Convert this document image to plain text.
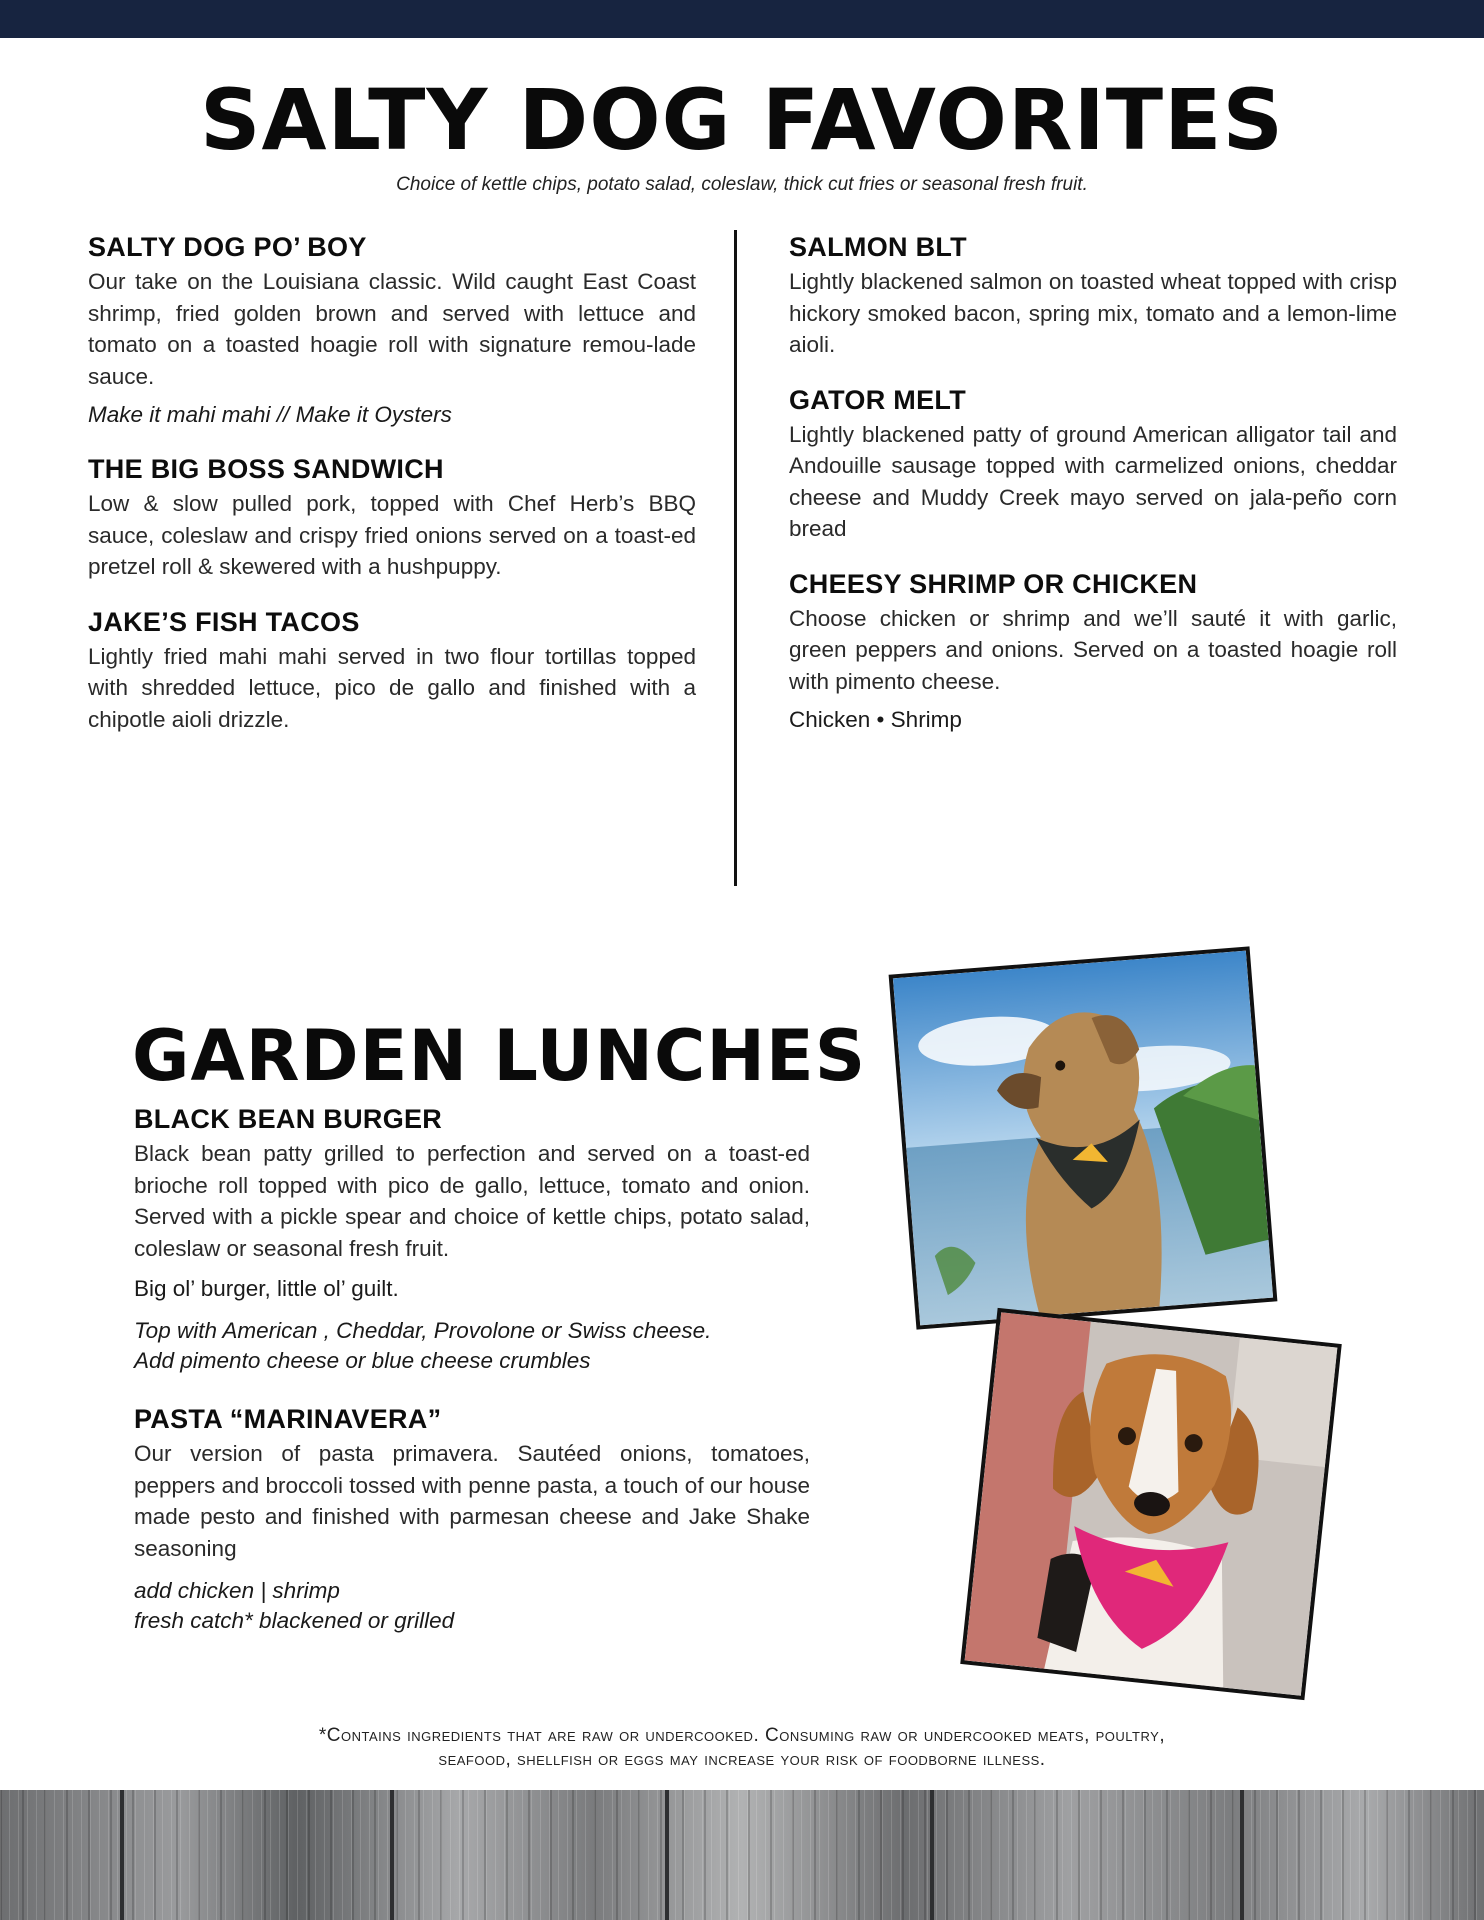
SALTY DOG FAVORITES
Choice of kettle chips, potato salad, coleslaw, thick cut fries or seasonal fresh fruit.
SALTY DOG PO’ BOY

Our take on the Louisiana classic. Wild caught East Coast shrimp, fried golden brown and served with lettuce and tomato on a toasted hoagie roll with signature remou-lade sauce.

Make it mahi mahi // Make it Oysters

THE BIG BOSS SANDWICH

Low & slow pulled pork, topped with Chef Herb’s BBQ sauce, coleslaw and crispy fried onions served on a toast-ed pretzel roll & skewered with a hushpuppy.

JAKE’S FISH TACOS

Lightly fried mahi mahi served in two flour tortillas topped with shredded lettuce, pico de gallo and finished with a chipotle aioli drizzle.

SALMON BLT

Lightly blackened salmon on toasted wheat topped with crisp hickory smoked bacon, spring mix, tomato and a lemon-lime aioli.

GATOR MELT

Lightly blackened patty of ground American alligator tail and Andouille sausage topped with carmelized onions, cheddar cheese and Muddy Creek mayo served on jala-peño corn bread

CHEESY SHRIMP OR CHICKEN

Choose chicken or shrimp and we’ll sauté it with garlic, green peppers and onions. Served on a toasted hoagie roll with pimento cheese.

Chicken • Shrimp

GARDEN LUNCHES
BLACK BEAN BURGER

Black bean patty grilled to perfection and served on a toast-ed brioche roll topped with pico de gallo, lettuce, tomato and onion. Served with a pickle spear and choice of kettle chips, potato salad, coleslaw or seasonal fresh fruit.

Big ol’ burger, little ol’ guilt.

Top with American , Cheddar, Provolone or Swiss cheese.
Add pimento cheese or blue cheese crumbles

PASTA “MARINAVERA”

Our version of pasta primavera. Sautéed onions, tomatoes, peppers and broccoli tossed with penne pasta, a touch of our house made pesto and finished with parmesan cheese and Jake Shake seasoning

add chicken | shrimp
fresh catch* blackened or grilled

*Contains ingredients that are raw or undercooked. Consuming raw or undercooked meats, poultry,
seafood, shellfish or eggs may increase your risk of foodborne illness.
